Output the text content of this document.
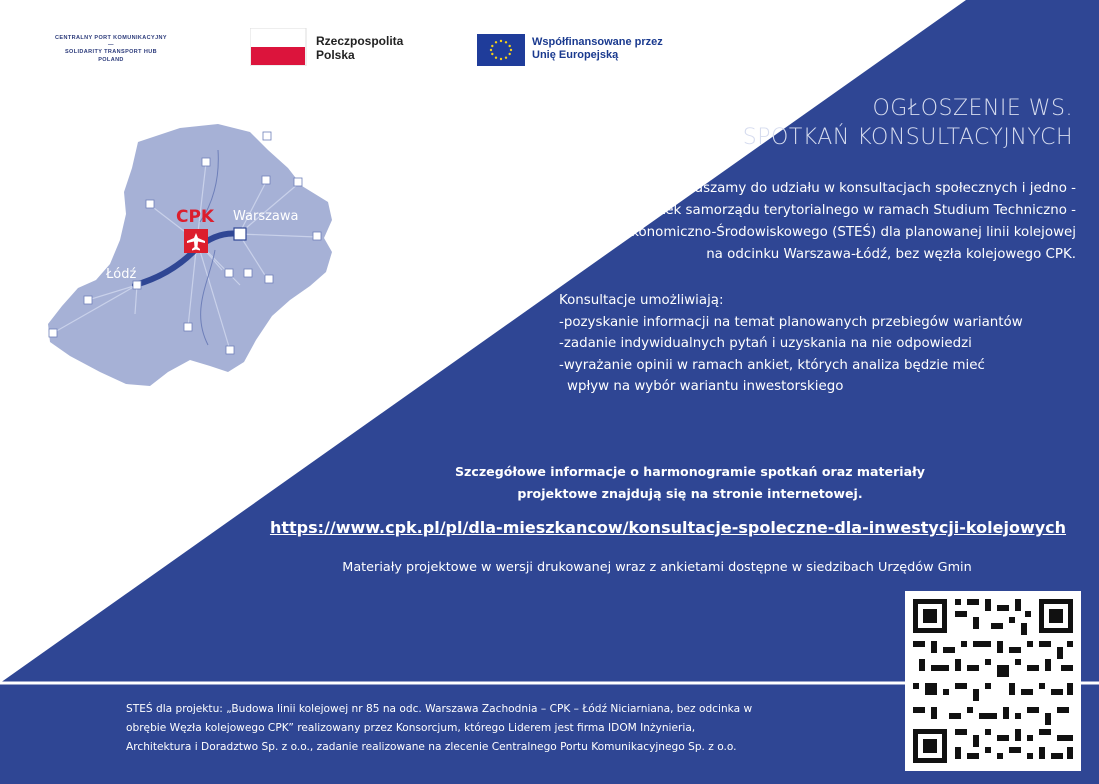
CENTRALNY PORT KOMUNIKACYJNY

—
SOLIDARITY TRANSPORT HUB
POLAND
Rzeczpospolita
Polska
Współfinansowane przez
Unię Europejską
CPK Warszawa
Łódź
OGŁOSZENIE WS.
SPOTKAŃ KONSULTACYJNYCH
Zapraszamy do udziału w konsultacjach społecznych i jedno -
stek samorządu terytorialnego w ramach Studium Techniczno -
Ekonomiczno-Środowiskowego (STEŚ) dla planowanej linii kolejowej
na odcinku Warszawa-Łódź, bez węzła kolejowego CPK.
Konsultacje umożliwiają:
-pozyskanie informacji na temat planowanych przebiegów wariantów
-zadanie indywidualnych pytań i uzyskania na nie odpowiedzi
-wyrażanie opinii w ramach ankiet, których analiza będzie mieć
wpływ na wybór wariantu inwestorskiego
Szczegółowe informacje o harmonogramie spotkań oraz materiały
projektowe znajdują się na stronie internetowej.
https://www.cpk.pl/pl/dla-mieszkancow/konsultacje-spoleczne-dla-inwestycji-kolejowych
Materiały projektowe w wersji drukowanej wraz z ankietami dostępne w siedzibach Urzędów Gmin
STEŚ dla projektu: „Budowa linii kolejowej nr 85 na odc. Warszawa Zachodnia – CPK – Łódź Niciarniana, bez odcinka w
obrębie Węzła kolejowego CPK” realizowany przez Konsorcjum, którego Liderem jest firma IDOM Inżynieria,
Architektura i Doradztwo Sp. z o.o., zadanie realizowane na zlecenie Centralnego Portu Komunikacyjnego Sp. z o.o.
